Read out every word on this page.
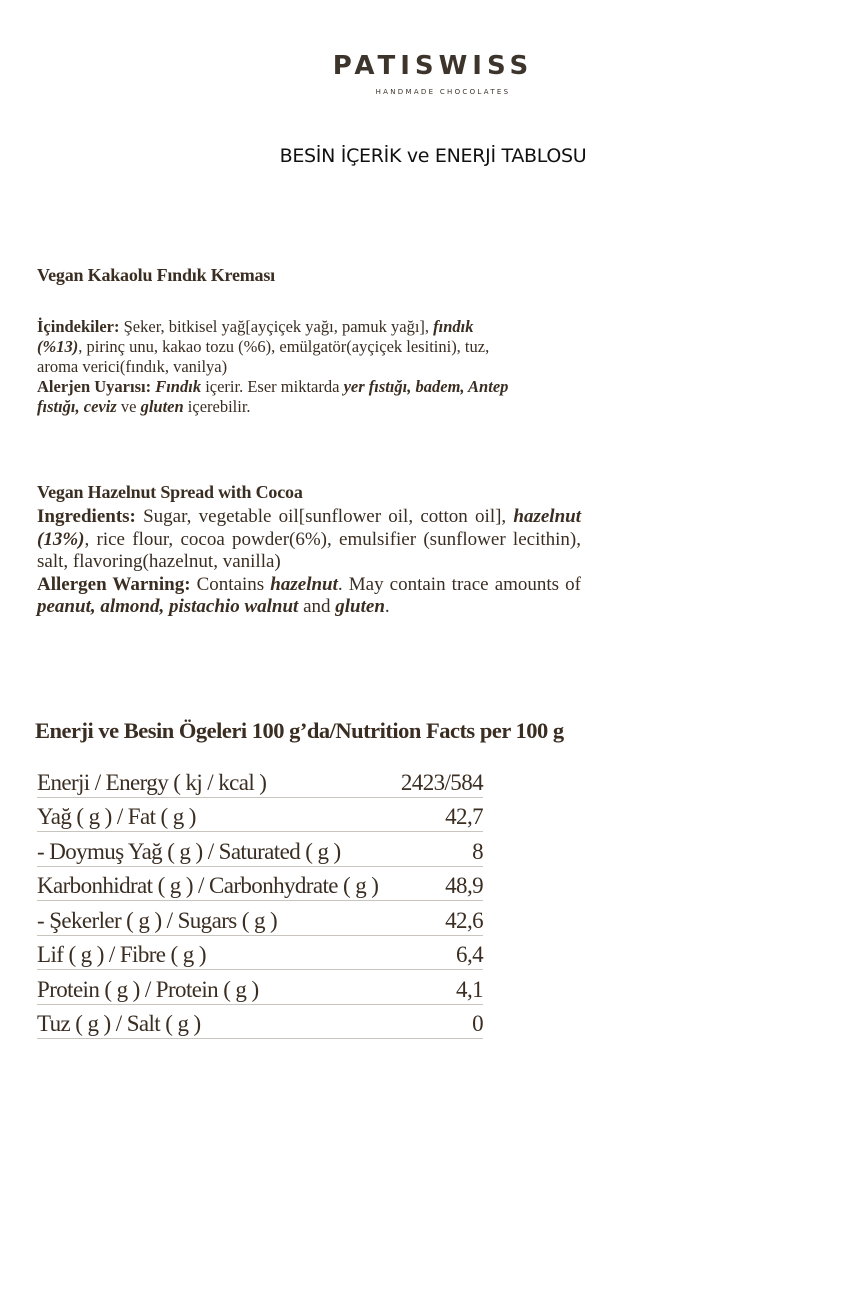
PATISWISS
HANDMADE CHOCOLATES
BESİN İÇERİK ve ENERJİ TABLOSU
Vegan Kakaolu Fındık Kreması
İçindekiler: Şeker, bitkisel yağ[ayçiçek yağı, pamuk yağı], fındık (%13), pirinç unu, kakao tozu (%6), emülgatör(ayçiçek lesitini), tuz, aroma verici(fındık, vanilya)
Alerjen Uyarısı: Fındık içerir. Eser miktarda yer fıstığı, badem, Antep fıstığı, ceviz ve gluten içerebilir.
Vegan Hazelnut Spread with Cocoa
Ingredients: Sugar, vegetable oil[sunflower oil, cotton oil], hazelnut (13%), rice flour, cocoa powder(6%), emulsifier (sunflower lecithin), salt, flavoring(hazelnut, vanilla)
Allergen Warning: Contains hazelnut. May contain trace amounts of peanut, almond, pistachio walnut and gluten.
Enerji ve Besin Ögeleri 100 g’da/Nutrition Facts per 100 g
Enerji / Energy ( kj / kcal )	2423/584
Yağ ( g ) / Fat ( g )	42,7
- Doymuş Yağ ( g ) / Saturated ( g )	8
Karbonhidrat ( g ) / Carbonhydrate ( g )	48,9
- Şekerler ( g ) / Sugars ( g )	42,6
Lif ( g ) / Fibre ( g )	6,4
Protein ( g ) / Protein ( g )	4,1
Tuz ( g ) / Salt ( g )	0
